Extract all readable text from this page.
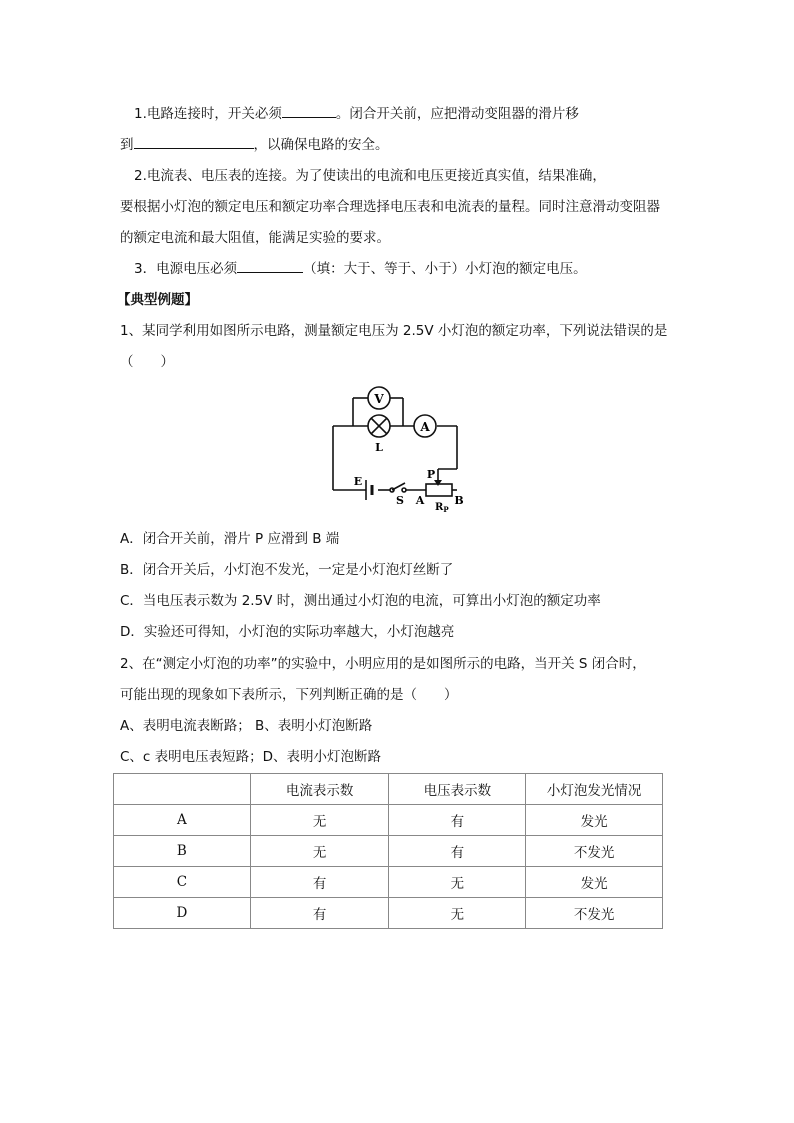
1.电路连接时，开关必须	。闭合开关前，应把滑动变阻器的滑片移
到	，以确保电路的安全。
2.电流表、电压表的连接。为了使读出的电流和电压更接近真实值，结果准确，
要根据小灯泡的额定电压和额定功率合理选择电压表和电流表的量程。同时注意滑动变阻器
的额定电流和最大阻值，能满足实验的要求。
3．电源电压必须	（填：大于、等于、小于）小灯泡的额定电压。
【典型例题】
1、某同学利用如图所示电路，测量额定电压为 2.5V 小灯泡的额定功率，下列说法错误的是
（　　）
V
L
A
E
S
P
A	B
$R_P$
A．闭合开关前，滑片 P 应滑到 B 端
B．闭合开关后，小灯泡不发光，一定是小灯泡灯丝断了
C．当电压表示数为 2.5V 时，测出通过小灯泡的电流，可算出小灯泡的额定功率
D．实验还可得知，小灯泡的实际功率越大，小灯泡越亮
2、在“测定小灯泡的功率”的实验中，小明应用的是如图所示的电路，当开关 S 闭合时，
可能出现的现象如下表所示，下列判断正确的是（　　）
A、表明电流表断路； B、表明小灯泡断路
C、c 表明电压表短路；D、表明小灯泡断路
	电流表示数	电压表示数	小灯泡发光情况
A	无	有	发光
B	无	有	不发光
C	有	无	发光
D	有	无	不发光
